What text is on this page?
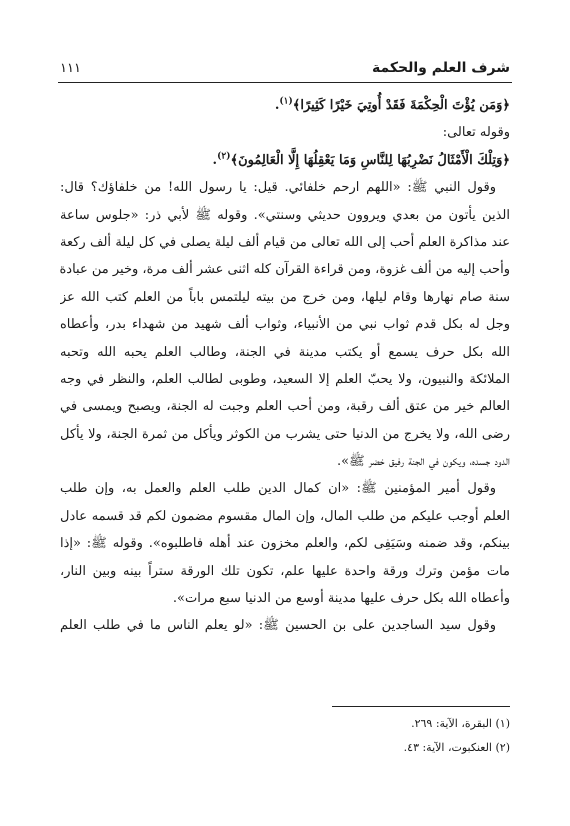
شرف العلم والحكمة
١١١
﴿وَمَن يُؤْتَ الْحِكْمَةَ فَقَدْ أُوتِيَ خَيْرًا كَثِيرًا﴾$^{(١)}$.
وقوله تعالى:
﴿وَتِلْكَ الْأَمْثَالُ نَضْرِبُهَا لِلنَّاسِ وَمَا يَعْقِلُهَا إِلَّا الْعَالِمُونَ﴾$^{(٢)}$.
وقول النبي ﷺ: «اللهم ارحم خلفائي. قيل: يا رسول الله! من خلفاؤك؟ قال:
الذين يأتون من بعدي ويروون حديثي وسنتي». وقوله ﷺ لأبي ذر: «جلوس ساعة
عند مذاكرة العلم أحب إلى الله تعالى من قيام ألف ليلة يصلى في كل ليلة ألف ركعة
وأحب إليه من ألف غزوة، ومن قراءة القرآن كله اثنى عشر ألف مرة، وخير من عبادة
سنة صام نهارها وقام ليلها، ومن خرج من بيته ليلتمس باباً من العلم كتب الله عز
وجل له بكل قدم ثواب نبي من الأنبياء، وثواب ألف شهيد من شهداء بدر، وأعطاه
الله بكل حرف يسمع أو يكتب مدينة في الجنة، وطالب العلم يحبه الله وتحبه
الملائكة والنبيون، ولا يحبّ العلم إلا السعيد، وطوبى لطالب العلم، والنظر في وجه
العالم خير من عتق ألف رقبة، ومن أحب العلم وجبت له الجنة، ويصبح ويمسى في
رضى الله، ولا يخرج من الدنيا حتى يشرب من الكوثر ويأكل من ثمرة الجنة، ولا يأكل
الدود جسده، ويكون في الجنة رفيق خضر ﷺ».
وقول أمير المؤمنين ﷺ: «ان كمال الدين طلب العلم والعمل به، وإن طلب
العلم أوجب عليكم من طلب المال، وإن المال مقسوم مضمون لكم قد قسمه عادل
بينكم، وقد ضمنه وسَيَفِى لكم، والعلم مخزون عند أهله فاطلبوه». وقوله ﷺ: «إذا
مات مؤمن وترك ورقة واحدة عليها علم، تكون تلك الورقة ستراً بينه وبين النار،
وأعطاه الله بكل حرف عليها مدينة أوسع من الدنيا سبع مرات».
وقول سيد الساجدين على بن الحسين ﷺ: «لو يعلم الناس ما في طلب العلم
(١) البقرة، الآية: ٢٦٩.
(٢) العنكبوت، الآية: ٤٣.
